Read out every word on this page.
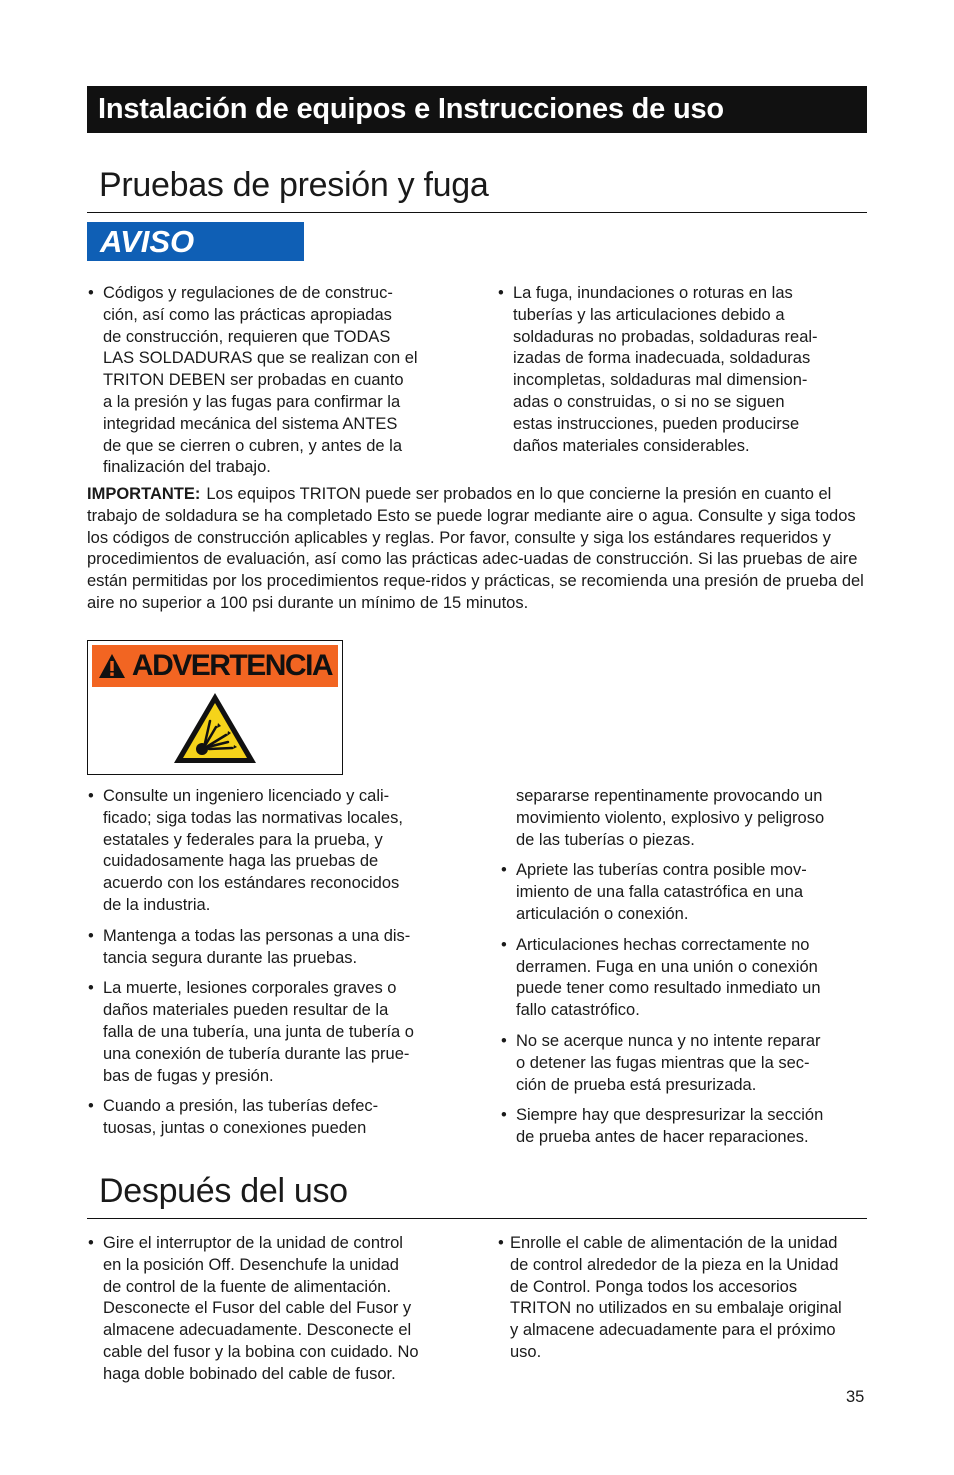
Instalación de equipos e Instrucciones de uso
Pruebas de presión y fuga
AVISO
• Códigos y regulaciones de de construc-
ción, así como las prácticas apropiadas
de construcción, requieren que TODAS
LAS SOLDADURAS que se realizan con el
TRITON DEBEN ser probadas en cuanto
a la presión y las fugas para confirmar la
integridad mecánica del sistema ANTES
de que se cierren o cubren, y antes de la
finalización del trabajo.
• La fuga, inundaciones o roturas en las
tuberías y las articulaciones debido a
soldaduras no probadas, soldaduras real-
izadas de forma inadecuada, soldaduras
incompletas, soldaduras mal dimension-
adas o construidas, o si no se siguen
estas instrucciones, pueden producirse
daños materiales considerables.
IMPORTANTE: Los equipos TRITON puede ser probados en lo que concierne la presión en cuanto el trabajo de soldadura se ha completado Esto se puede lograr mediante aire o agua. Consulte y siga todos los códigos de construcción aplicables y reglas. Por favor, consulte y siga los estándares requeridos y procedimientos de evaluación, así como las prácticas adec-uadas de construcción. Si las pruebas de aire están permitidas por los procedimientos reque-ridos y prácticas, se recomienda una presión de prueba del aire no superior a 100 psi durante un mínimo de 15 minutos.
ADVERTENCIA
• Consulte un ingeniero licenciado y cali-
ficado; siga todas las normativas locales,
estatales y federales para la prueba, y
cuidadosamente haga las pruebas de
acuerdo con los estándares reconocidos
de la industria.
• Mantenga a todas las personas a una dis-
tancia segura durante las pruebas.
• La muerte, lesiones corporales graves o
daños materiales pueden resultar de la
falla de una tubería, una junta de tubería o
una conexión de tubería durante las prue-
bas de fugas y presión.
• Cuando a presión, las tuberías defec-
tuosas, juntas o conexiones pueden
separarse repentinamente provocando un
movimiento violento, explosivo y peligroso
de las tuberías o piezas.
• Apriete las tuberías contra posible mov-
imiento de una falla catastrófica en una
articulación o conexión.
• Articulaciones hechas correctamente no
derramen. Fuga en una unión o conexión
puede tener como resultado inmediato un
fallo catastrófico.
• No se acerque nunca y no intente reparar
o detener las fugas mientras que la sec-
ción de prueba está presurizada.
• Siempre hay que despresurizar la sección
de prueba antes de hacer reparaciones.
Después del uso
• Gire el interruptor de la unidad de control
en la posición Off. Desenchufe la unidad
de control de la fuente de alimentación.
Desconecte el Fusor del cable del Fusor y
almacene adecuadamente. Desconecte el
cable del fusor y la bobina con cuidado. No
haga doble bobinado del cable de fusor.
• Enrolle el cable de alimentación de la unidad
de control alrededor de la pieza en la Unidad
de Control. Ponga todos los accesorios
TRITON no utilizados en su embalaje original
y almacene adecuadamente para el próximo
uso.
35
